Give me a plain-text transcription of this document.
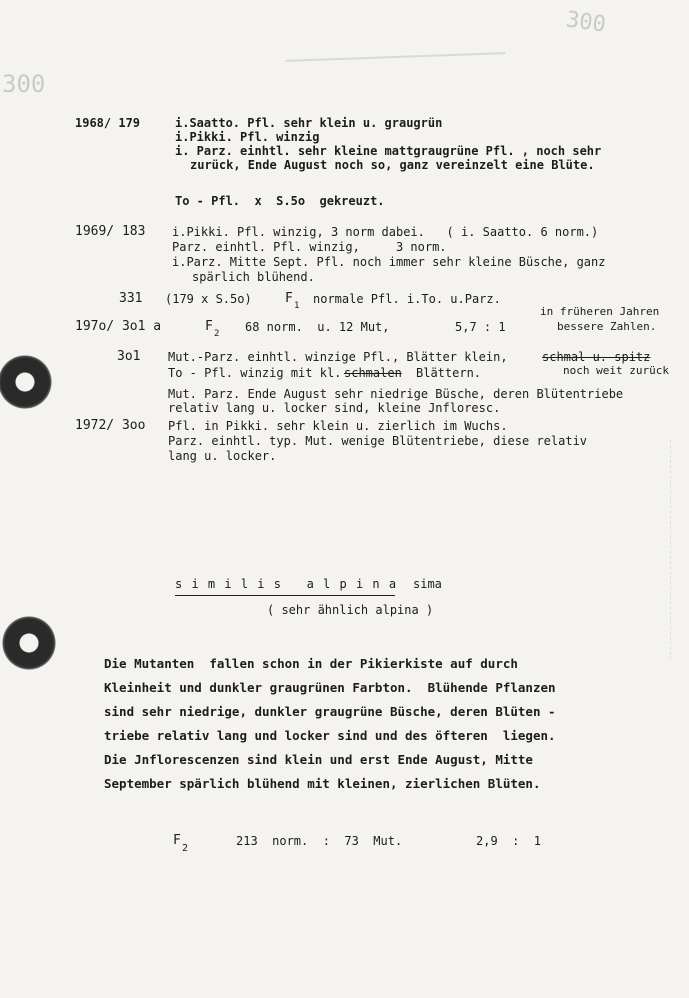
300
300
1968/ 179	i.Saatto. Pfl. sehr klein u. graugrün
i.Pikki. Pfl. winzig
i. Parz. einhtl. sehr kleine mattgraugrüne Pfl. , noch sehr
zurück, Ende August noch so, ganz vereinzelt eine Blüte.
To - Pfl.  x  S.5o  gekreuzt.
1969/ 183 i.Pikki. Pfl. winzig, 3 norm dabei.   ( i. Saatto. 6 norm.)
Parz. einhtl. Pfl. winzig,     3 norm.
i.Parz. Mitte Sept. Pfl. noch immer sehr kleine Büsche, ganz
spärlich blühend.
331 (179 x S.5o)	F 1 normale Pfl. i.To. u.Parz.
197o/ 3o1 a	F 2 68 norm.  u. 12 Mut,	5,7 : 1
in früheren Jahren
bessere Zahlen.
3o1 Mut.-Parz. einhtl. winzige Pfl., Blätter klein,	schmal u. spitz
To - Pfl. winzig mit kl. schmalen Blättern.	noch weit zurück
Mut. Parz. Ende August sehr niedrige Büsche, deren Blütentriebe
relativ lang u. locker sind, kleine Jnfloresc.
1972/ 3oo Pfl. in Pikki. sehr klein u. zierlich im Wuchs.
Parz. einhtl. typ. Mut. wenige Blütentriebe, diese relativ
lang u. locker.
s i m i l i s   a l p i n a sima
( sehr ähnlich alpina )
Die Mutanten  fallen schon in der Pikierkiste auf durch
Kleinheit und dunkler graugrünen Farbton.  Blühende Pflanzen
sind sehr niedrige, dunkler graugrüne Büsche, deren Blüten -
triebe relativ lang und locker sind und des öfteren  liegen.
Die Jnflorescenzen sind klein und erst Ende August, Mitte
September spärlich blühend mit kleinen, zierlichen Blüten.
F
2
213  norm.  :  73  Mut.	2,9  :  1
